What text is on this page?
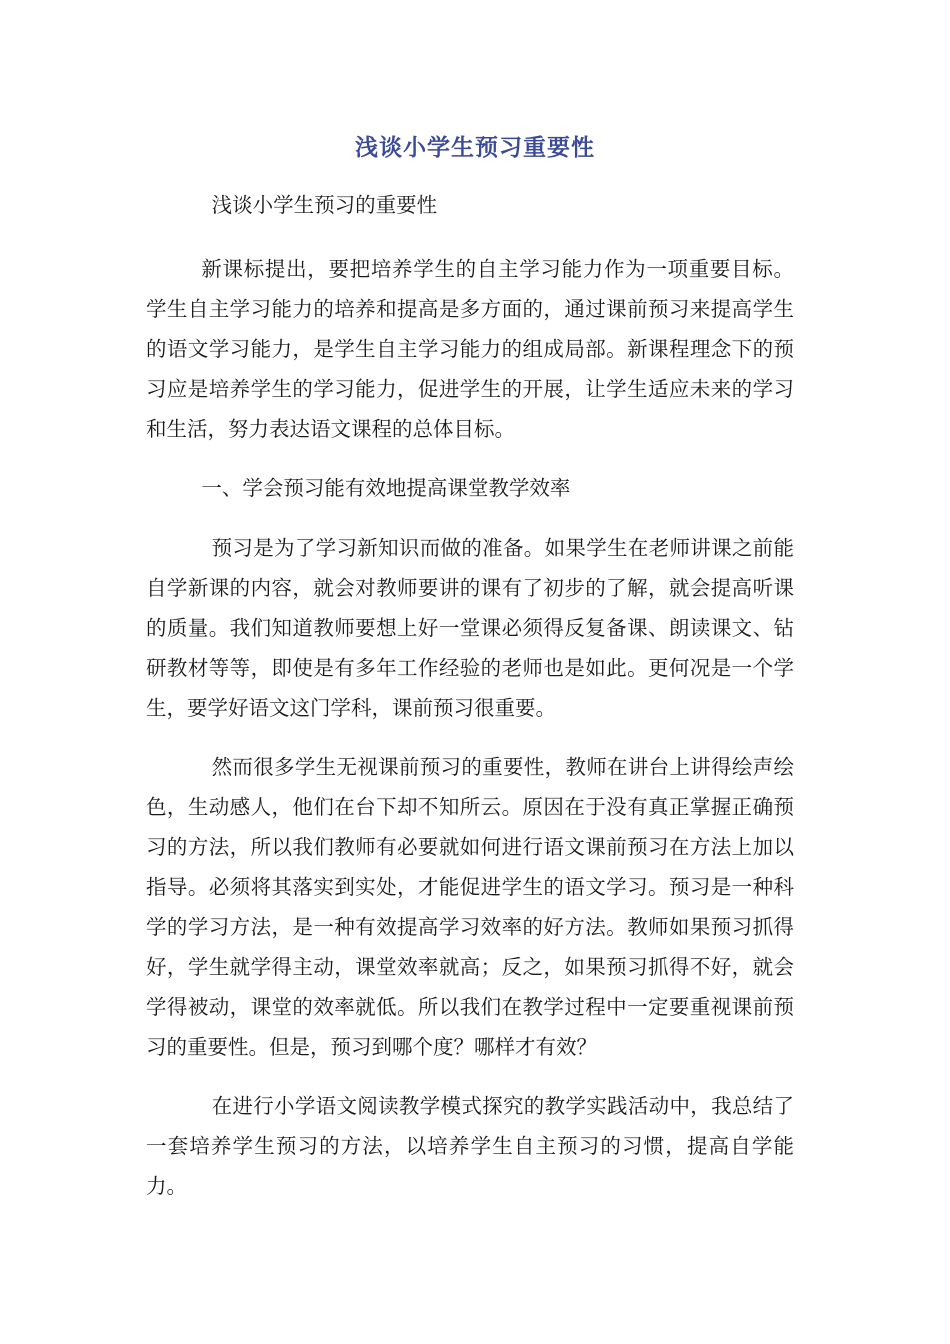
浅谈小学生预习重要性

浅谈小学生预习的重要性

新课标提出，要把培养学生的自主学习能力作为一项重要目标。学生自主学习能力的培养和提高是多方面的，通过课前预习来提高学生的语文学习能力，是学生自主学习能力的组成局部。新课程理念下的预习应是培养学生的学习能力，促进学生的开展，让学生适应未来的学习和生活，努力表达语文课程的总体目标。

一、学会预习能有效地提高课堂教学效率

预习是为了学习新知识而做的准备。如果学生在老师讲课之前能自学新课的内容，就会对教师要讲的课有了初步的了解，就会提高听课的质量。我们知道教师要想上好一堂课必须得反复备课、朗读课文、钻研教材等等，即使是有多年工作经验的老师也是如此。更何况是一个学生，要学好语文这门学科，课前预习很重要。

然而很多学生无视课前预习的重要性，教师在讲台上讲得绘声绘色，生动感人，他们在台下却不知所云。原因在于没有真正掌握正确预习的方法，所以我们教师有必要就如何进行语文课前预习在方法上加以指导。必须将其落实到实处，才能促进学生的语文学习。预习是一种科学的学习方法，是一种有效提高学习效率的好方法。教师如果预习抓得好，学生就学得主动，课堂效率就高；反之，如果预习抓得不好，就会学得被动，课堂的效率就低。所以我们在教学过程中一定要重视课前预习的重要性。但是，预习到哪个度？哪样才有效？

在进行小学语文阅读教学模式探究的教学实践活动中，我总结了一套培养学生预习的方法，以培养学生自主预习的习惯，提高自学能力。
